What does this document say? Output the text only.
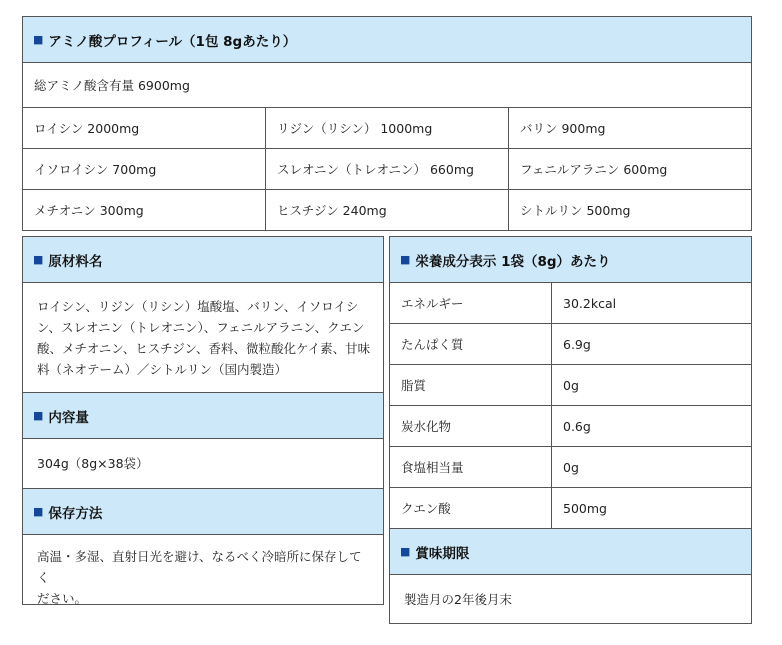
■ アミノ酸プロフィール（1包 8gあたり）
総アミノ酸含有量 6900mg
ロイシン 2000mg	リジン（リシン） 1000mg	バリン 900mg
イソロイシン 700mg	スレオニン（トレオニン） 660mg	フェニルアラニン 600mg
メチオニン 300mg	ヒスチジン 240mg	シトルリン 500mg
■ 原材料名
ロイシン、リジン（リシン）塩酸塩、バリン、イソロイシ
ン、スレオニン（トレオニン）、フェニルアラニン、クエン
酸、メチオニン、ヒスチジン、香料、微粒酸化ケイ素、甘味
料（ネオテーム）／シトルリン（国内製造）
■ 内容量
304g（8g×38袋）
■ 保存方法
高温・多湿、直射日光を避け、なるべく冷暗所に保存してく
ださい。
■ 栄養成分表示 1袋（8g）あたり
エネルギー	30.2kcal
たんぱく質	6.9g
脂質	0g
炭水化物	0.6g
食塩相当量	0g
クエン酸	500mg
■ 賞味期限
製造月の2年後月末
